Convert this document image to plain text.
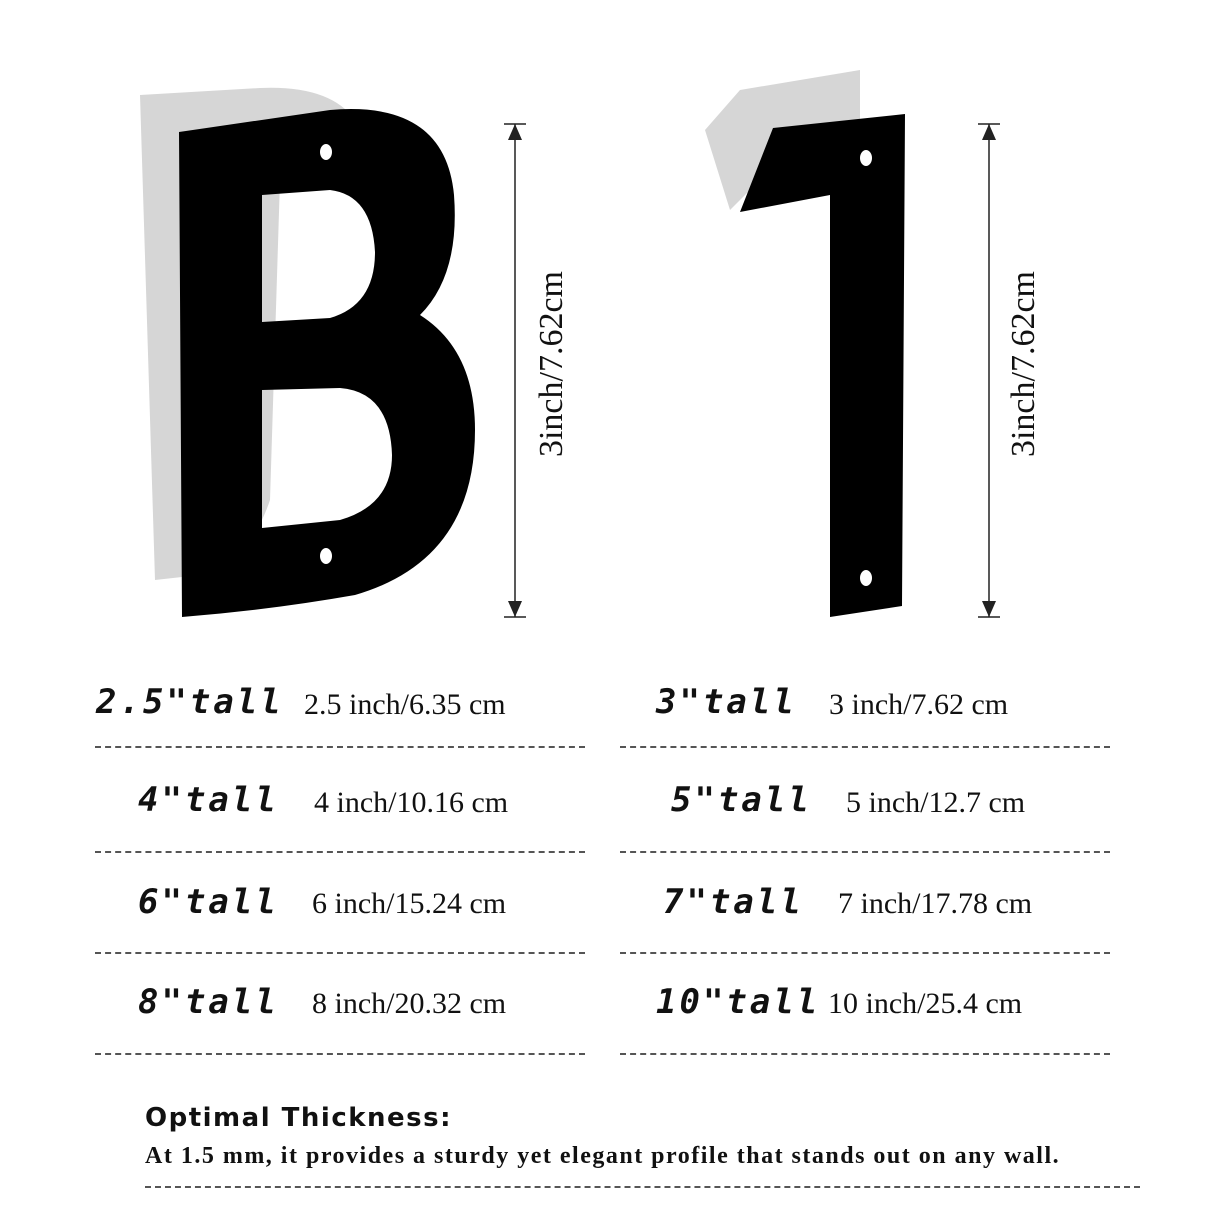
3inch/7.62cm	3inch/7.62cm
2.5"tall 2.5 inch/6.35 cm	3"tall 3 inch/7.62 cm
4"tall 4 inch/10.16 cm	5"tall 5 inch/12.7 cm
6"tall 6 inch/15.24 cm	7"tall 7 inch/17.78 cm
8"tall 8 inch/20.32 cm	10"tall 10 inch/25.4 cm
Optimal Thickness:
At 1.5 mm, it provides a sturdy yet elegant profile that stands out on any wall.
